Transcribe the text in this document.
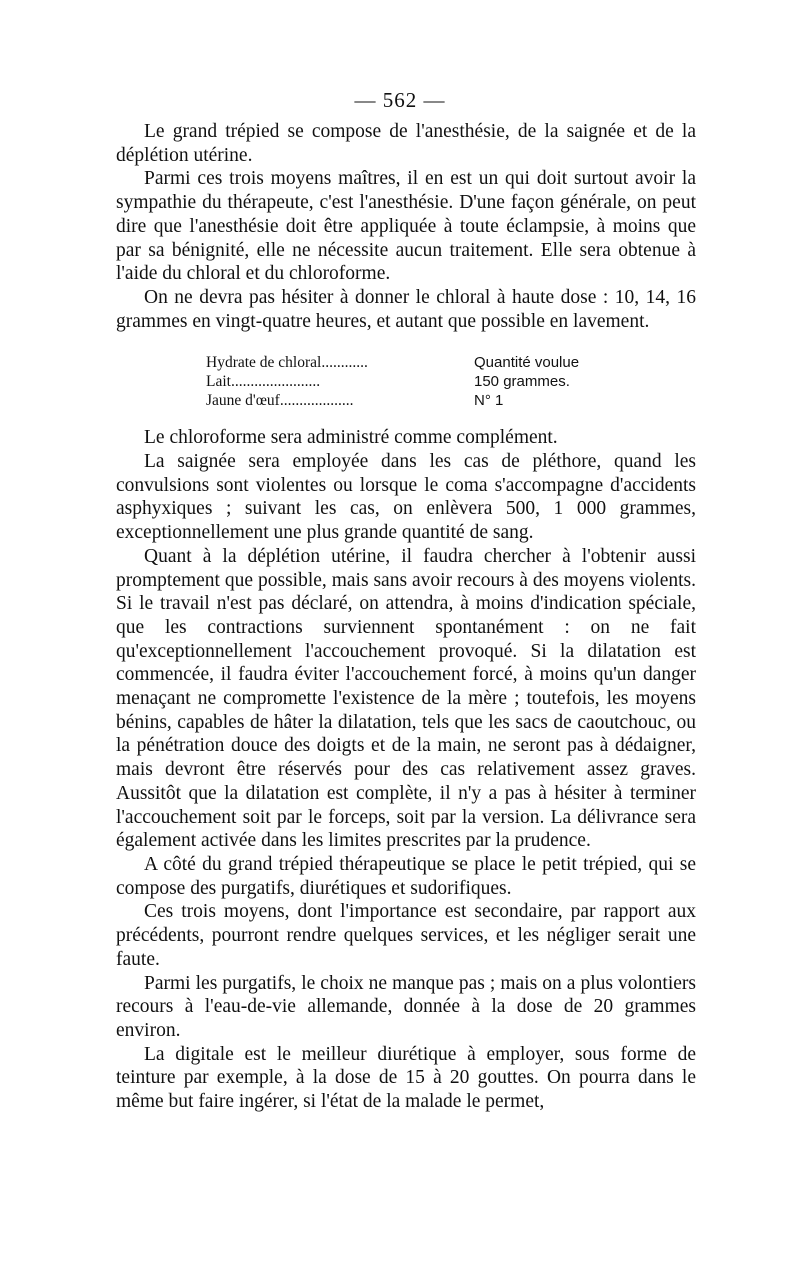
— 562 —

Le grand trépied se compose de l'anesthésie, de la saignée et de la déplétion utérine.

Parmi ces trois moyens maîtres, il en est un qui doit surtout avoir la sympathie du thérapeute, c'est l'anesthésie. D'une façon générale, on peut dire que l'anesthésie doit être appliquée à toute éclampsie, à moins que par sa bénignité, elle ne nécessite aucun traitement. Elle sera obtenue à l'aide du chloral et du chloroforme.

On ne devra pas hésiter à donner le chloral à haute dose : 10, 14, 16 grammes en vingt-quatre heures, et autant que possible en lavement.

Hydrate de chloral............	Quantité voulue
Lait.......................	150 grammes.
Jaune d'œuf...................	N° 1

Le chloroforme sera administré comme complément.

La saignée sera employée dans les cas de pléthore, quand les convulsions sont violentes ou lorsque le coma s'accompagne d'accidents asphyxiques ; suivant les cas, on enlèvera 500, 1 000 grammes, exceptionnellement une plus grande quantité de sang.

Quant à la déplétion utérine, il faudra chercher à l'obtenir aussi promptement que possible, mais sans avoir recours à des moyens violents. Si le travail n'est pas déclaré, on attendra, à moins d'indication spéciale, que les contractions surviennent spontanément : on ne fait qu'exceptionnellement l'accouchement provoqué. Si la dilatation est commencée, il faudra éviter l'accouchement forcé, à moins qu'un danger menaçant ne compromette l'existence de la mère ; toutefois, les moyens bénins, capables de hâter la dilatation, tels que les sacs de caoutchouc, ou la pénétration douce des doigts et de la main, ne seront pas à dédaigner, mais devront être réservés pour des cas relativement assez graves. Aussitôt que la dilatation est complète, il n'y a pas à hésiter à terminer l'accouchement soit par le forceps, soit par la version. La délivrance sera également activée dans les limites prescrites par la prudence.

A côté du grand trépied thérapeutique se place le petit trépied, qui se compose des purgatifs, diurétiques et sudorifiques.

Ces trois moyens, dont l'importance est secondaire, par rapport aux précédents, pourront rendre quelques services, et les négliger serait une faute.

Parmi les purgatifs, le choix ne manque pas ; mais on a plus volontiers recours à l'eau-de-vie allemande, donnée à la dose de 20 grammes environ.

La digitale est le meilleur diurétique à employer, sous forme de teinture par exemple, à la dose de 15 à 20 gouttes. On pourra dans le même but faire ingérer, si l'état de la malade le permet,
